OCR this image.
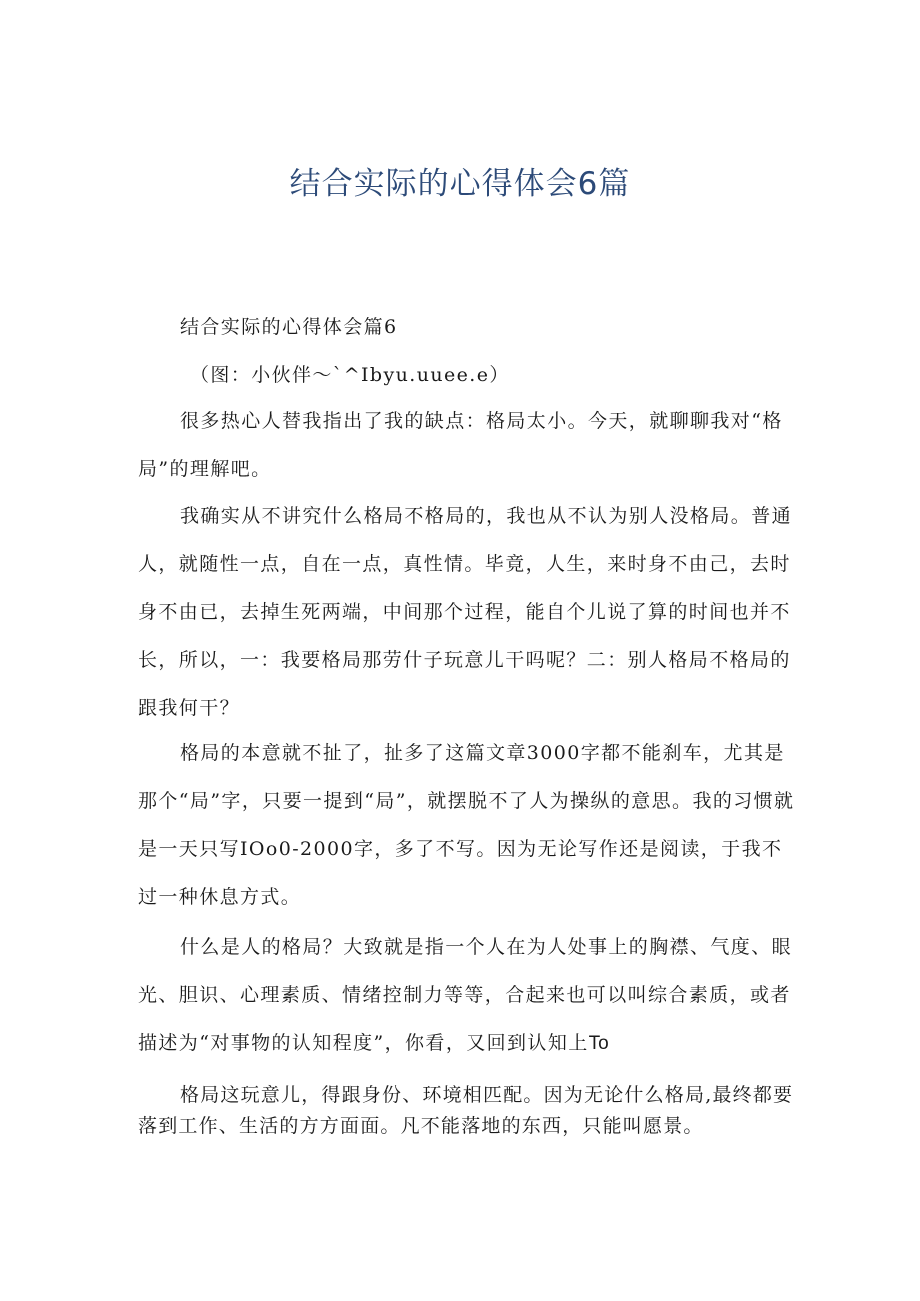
结合实际的心得体会6篇

结合实际的心得体会篇6

（图：小伙伴～`^Ibyu.uuee.e）

很多热心人替我指出了我的缺点：格局太小。今天，就聊聊我对“格局”的理解吧。

我确实从不讲究什么格局不格局的，我也从不认为别人没格局。普通人，就随性一点，自在一点，真性情。毕竟，人生，来时身不由己，去时身不由已，去掉生死两端，中间那个过程，能自个儿说了算的时间也并不长，所以，一：我要格局那劳什子玩意儿干吗呢？二：别人格局不格局的跟我何干？

格局的本意就不扯了，扯多了这篇文章3000字都不能刹车，尤其是那个“局”字，只要一提到“局”，就摆脱不了人为操纵的意思。我的习惯就是一天只写IOo0-2000字，多了不写。因为无论写作还是阅读，于我不过一种休息方式。

什么是人的格局？大致就是指一个人在为人处事上的胸襟、气度、眼光、胆识、心理素质、情绪控制力等等，合起来也可以叫综合素质，或者描述为“对事物的认知程度”，你看，又回到认知上To

格局这玩意儿，得跟身份、环境相匹配。因为无论什么格局,最终都要落到工作、生活的方方面面。凡不能落地的东西，只能叫愿景。
